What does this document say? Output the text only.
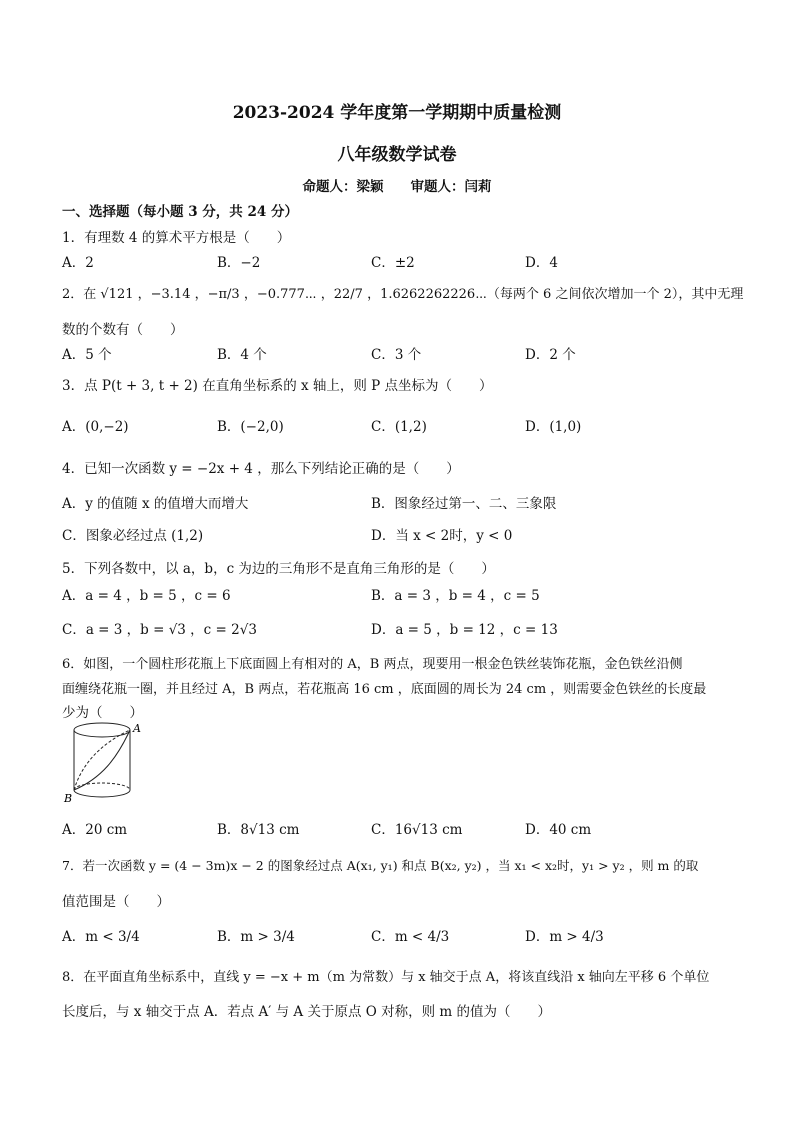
2023-2024 学年度第一学期期中质量检测
八年级数学试卷
命题人：梁颖　　审题人：闫莉
一、选择题（每小题 3 分，共 24 分）
1．有理数 4 的算术平方根是（　　）
A．2	B．−2	C．±2	D．4
2．在 √121 ，−3.14 ，−π/3 ，−0.777⋯ ，22/7 ，1.6262262226⋯（每两个 6 之间依次增加一个 2），其中无理
数的个数有（　　）
A．5 个	B．4 个	C．3 个	D．2 个
3．点 P(t + 3, t + 2) 在直角坐标系的 x 轴上，则 P 点坐标为（　　）
A．(0,−2)	B．(−2,0)	C．(1,2)	D．(1,0)
4．已知一次函数 y = −2x + 4 ，那么下列结论正确的是（　　）
A．y 的值随 x 的值增大而增大	B．图象经过第一、二、三象限
C．图象必经过点 (1,2)	D．当 x < 2时，y < 0
5．下列各数中，以 a，b，c 为边的三角形不是直角三角形的是（　　）
A．a = 4 ，b = 5 ，c = 6	B．a = 3 ，b = 4 ，c = 5
C．a = 3 ，b = √3 ，c = 2√3	D．a = 5 ，b = 12 ，c = 13
6．如图，一个圆柱形花瓶上下底面圆上有相对的 A，B 两点，现要用一根金色铁丝装饰花瓶，金色铁丝沿侧
面缠绕花瓶一圈，并且经过 A，B 两点，若花瓶高 16 cm ，底面圆的周长为 24 cm ，则需要金色铁丝的长度最
少为（　　）
A
B
A．20 cm	B．8√13 cm	C．16√13 cm	D．40 cm
7．若一次函数 y = (4 − 3m)x − 2 的图象经过点 A(x₁, y₁) 和点 B(x₂, y₂) ，当 x₁ < x₂时，y₁ > y₂ ，则 m 的取
值范围是（　　）
A．m < 3/4	B．m > 3/4	C．m < 4/3	D．m > 4/3
8．在平面直角坐标系中，直线 y = −x + m（m 为常数）与 x 轴交于点 A，将该直线沿 x 轴向左平移 6 个单位
长度后，与 x 轴交于点 A．若点 A′ 与 A 关于原点 O 对称，则 m 的值为（　　）
